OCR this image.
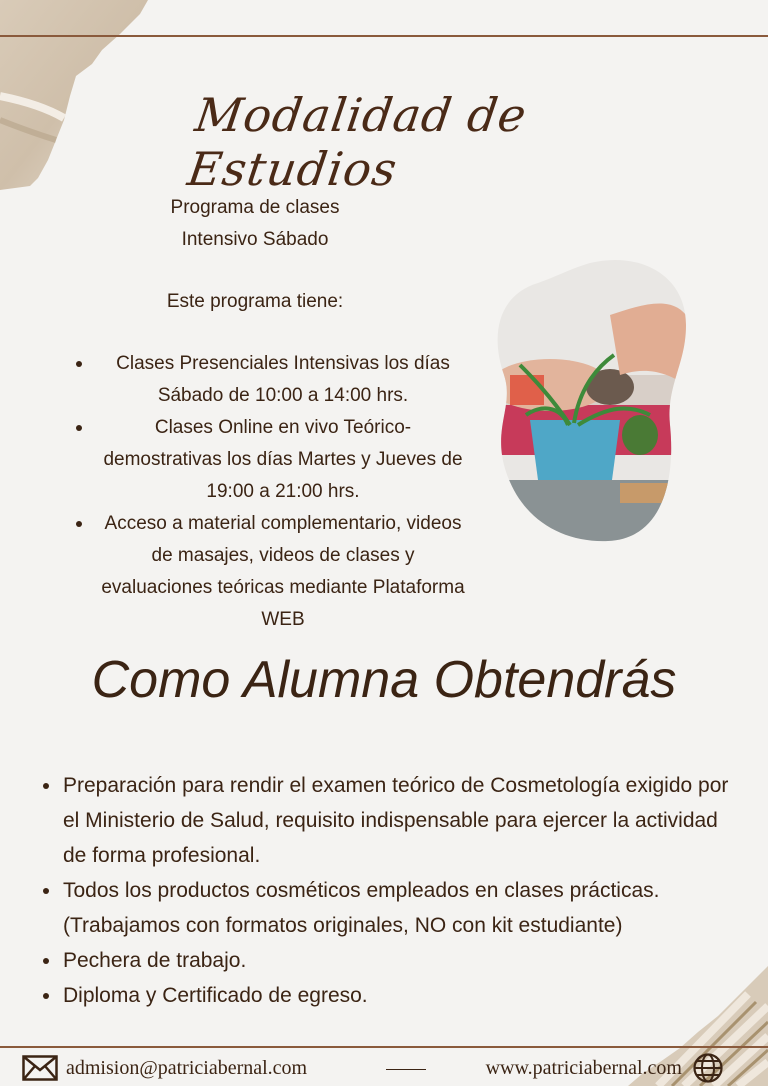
Modalidad de Estudios
Programa de clases
Intensivo Sábado
Este programa tiene:
Clases Presenciales Intensivas los días Sábado de 10:00 a 14:00 hrs.
Clases Online en vivo Teórico-demostrativas los días Martes y Jueves de 19:00 a 21:00 hrs.
Acceso a material complementario, videos de masajes, videos de clases y evaluaciones teóricas mediante Plataforma WEB
Como Alumna Obtendrás
Preparación para rendir el examen teórico de Cosmetología exigido por el Ministerio de Salud, requisito indispensable para ejercer la actividad de forma profesional.
Todos los productos cosméticos empleados en clases prácticas. (Trabajamos con formatos originales, NO con kit estudiante)
Pechera de trabajo.
Diploma y Certificado de egreso.
admision@patriciabernal.com	www.patriciabernal.com
